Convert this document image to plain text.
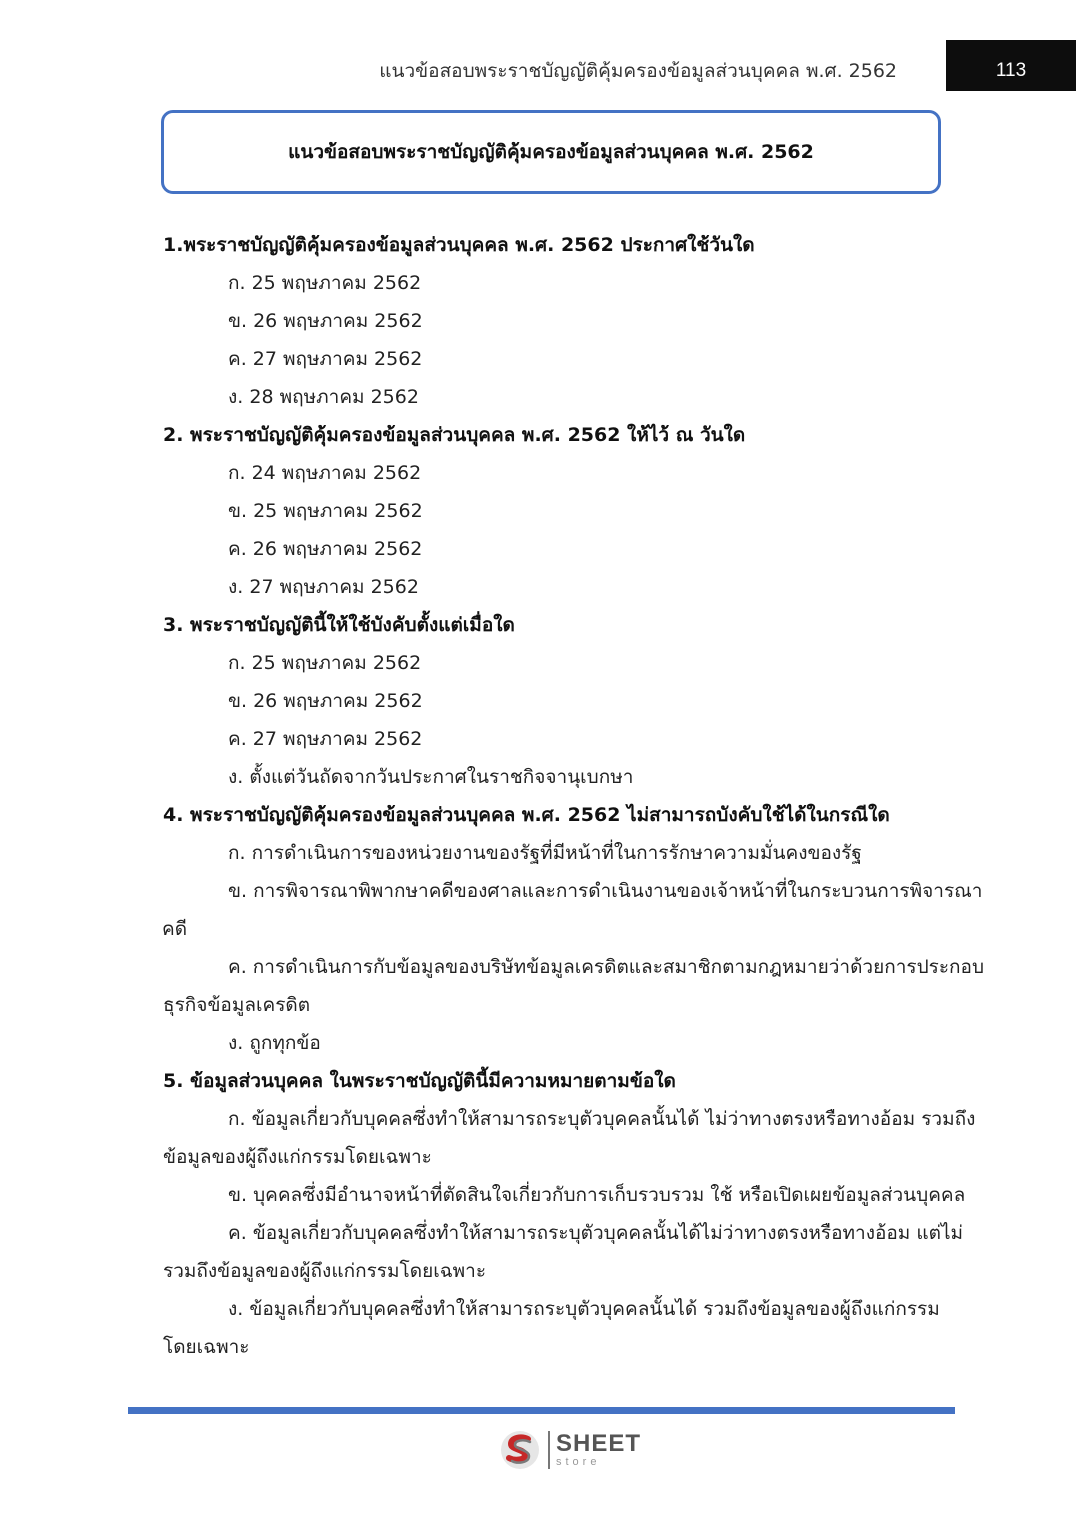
แนวข้อสอบพระราชบัญญัติคุ้มครองข้อมูลส่วนบุคคล พ.ศ. 2562	113
แนวข้อสอบพระราชบัญญัติคุ้มครองข้อมูลส่วนบุคคล พ.ศ. 2562
1.พระราชบัญญัติคุ้มครองข้อมูลส่วนบุคคล พ.ศ. 2562 ประกาศใช้วันใด
ก. 25 พฤษภาคม 2562
ข. 26 พฤษภาคม 2562
ค. 27 พฤษภาคม 2562
ง. 28 พฤษภาคม 2562
2. พระราชบัญญัติคุ้มครองข้อมูลส่วนบุคคล พ.ศ. 2562 ให้ไว้ ณ วันใด
ก. 24 พฤษภาคม 2562
ข. 25 พฤษภาคม 2562
ค. 26 พฤษภาคม 2562
ง. 27 พฤษภาคม 2562
3. พระราชบัญญัตินี้ให้ใช้บังคับตั้งแต่เมื่อใด
ก. 25 พฤษภาคม 2562
ข. 26 พฤษภาคม 2562
ค. 27 พฤษภาคม 2562
ง. ตั้งแต่วันถัดจากวันประกาศในราชกิจจานุเบกษา
4. พระราชบัญญัติคุ้มครองข้อมูลส่วนบุคคล พ.ศ. 2562 ไม่สามารถบังคับใช้ได้ในกรณีใด
ก. การดำเนินการของหน่วยงานของรัฐที่มีหน้าที่ในการรักษาความมั่นคงของรัฐ
ข. การพิจารณาพิพากษาคดีของศาลและการดำเนินงานของเจ้าหน้าที่ในกระบวนการพิจารณา
คดี
ค. การดำเนินการกับข้อมูลของบริษัทข้อมูลเครดิตและสมาชิกตามกฎหมายว่าด้วยการประกอบ
ธุรกิจข้อมูลเครดิต
ง. ถูกทุกข้อ
5. ข้อมูลส่วนบุคคล ในพระราชบัญญัตินี้มีความหมายตามข้อใด
ก. ข้อมูลเกี่ยวกับบุคคลซึ่งทำให้สามารถระบุตัวบุคคลนั้นได้ ไม่ว่าทางตรงหรือทางอ้อม รวมถึง
ข้อมูลของผู้ถึงแก่กรรมโดยเฉพาะ
ข. บุคคลซึ่งมีอำนาจหน้าที่ตัดสินใจเกี่ยวกับการเก็บรวบรวม ใช้ หรือเปิดเผยข้อมูลส่วนบุคคล
ค. ข้อมูลเกี่ยวกับบุคคลซึ่งทำให้สามารถระบุตัวบุคคลนั้นได้ไม่ว่าทางตรงหรือทางอ้อม แต่ไม่
รวมถึงข้อมูลของผู้ถึงแก่กรรมโดยเฉพาะ
ง. ข้อมูลเกี่ยวกับบุคคลซึ่งทำให้สามารถระบุตัวบุคคลนั้นได้ รวมถึงข้อมูลของผู้ถึงแก่กรรม
โดยเฉพาะ
SHEET
store
